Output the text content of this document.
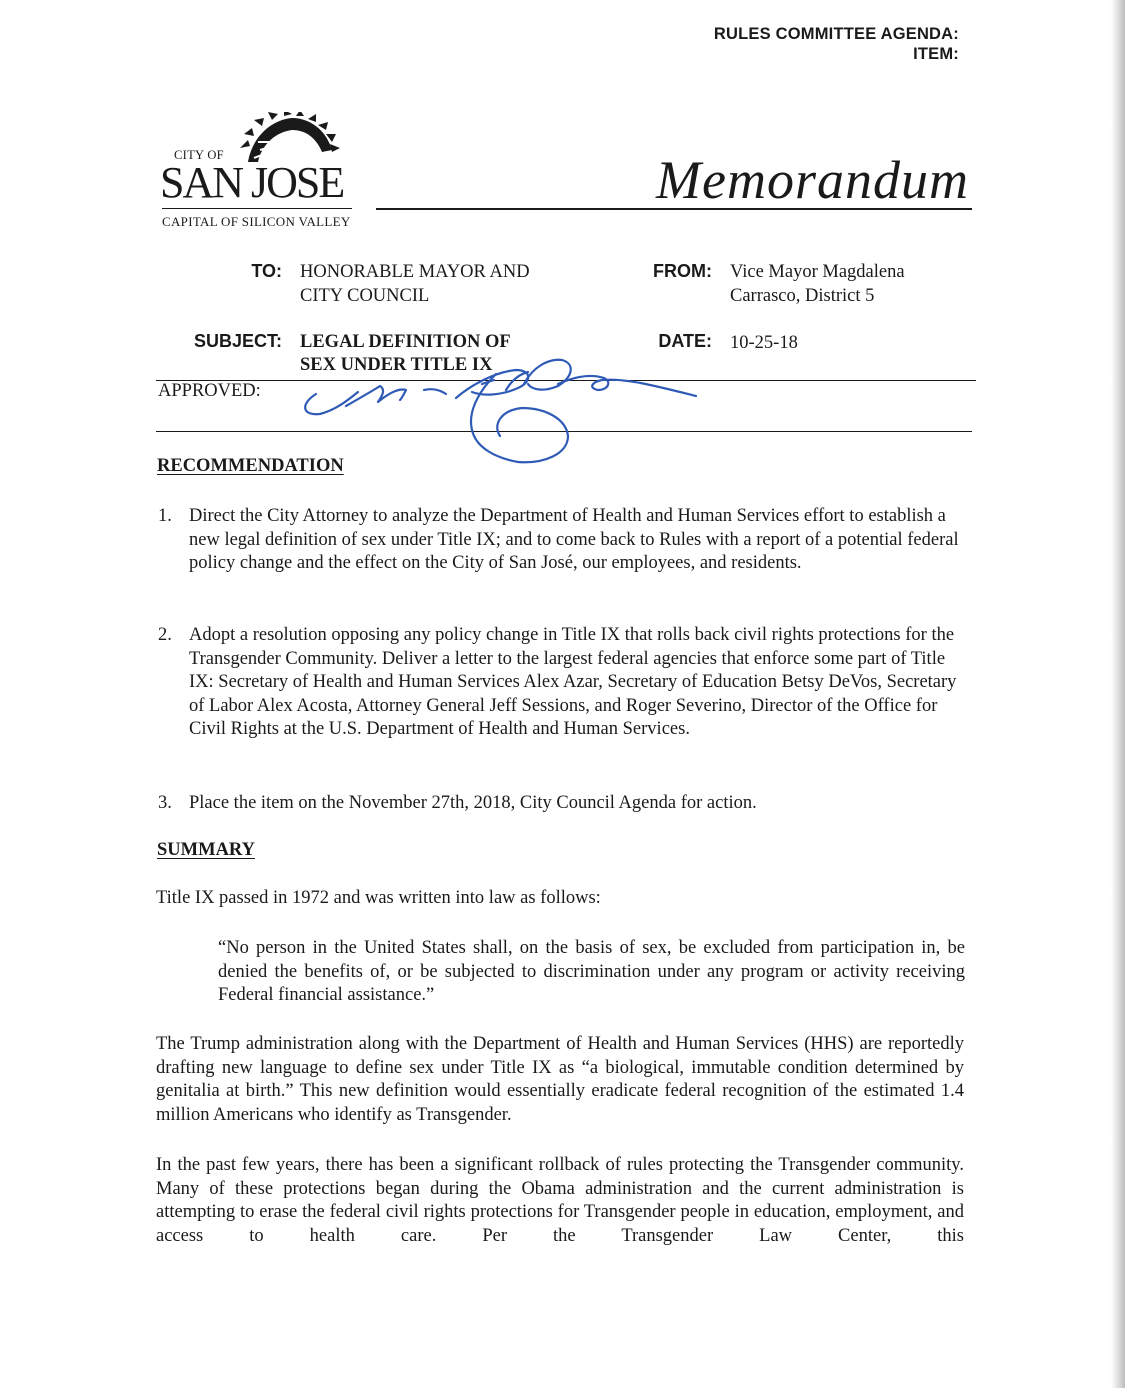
RULES COMMITTEE AGENDA:
ITEM:
CITY OF
SAN JOSE
CAPITAL OF SILICON VALLEY
Memorandum
TO: HONORABLE MAYOR AND
CITY COUNCIL
FROM: Vice Mayor Magdalena
Carrasco, District 5
SUBJECT: LEGAL DEFINITION OF
SEX UNDER TITLE IX
DATE: 10-25-18
APPROVED:
RECOMMENDATION
1. Direct the City Attorney to analyze the Department of Health and Human Services effort to establish a new legal definition of sex under Title IX; and to come back to Rules with a report of a potential federal policy change and the effect on the City of San José, our employees, and residents.
2. Adopt a resolution opposing any policy change in Title IX that rolls back civil rights protections for the Transgender Community. Deliver a letter to the largest federal agencies that enforce some part of Title IX: Secretary of Health and Human Services Alex Azar, Secretary of Education Betsy DeVos, Secretary of Labor Alex Acosta, Attorney General Jeff Sessions, and Roger Severino, Director of the Office for Civil Rights at the U.S. Department of Health and Human Services.
3. Place the item on the November 27th, 2018, City Council Agenda for action.
SUMMARY
Title IX passed in 1972 and was written into law as follows:
“No person in the United States shall, on the basis of sex, be excluded from participation in, be denied the benefits of, or be subjected to discrimination under any program or activity receiving Federal financial assistance.”
The Trump administration along with the Department of Health and Human Services (HHS) are reportedly drafting new language to define sex under Title IX as “a biological, immutable condition determined by genitalia at birth.” This new definition would essentially eradicate federal recognition of the estimated 1.4 million Americans who identify as Transgender.
In the past few years, there has been a significant rollback of rules protecting the Transgender community. Many of these protections began during the Obama administration and the current administration is attempting to erase the federal civil rights protections for Transgender people in education, employment, and access to health care. Per the Transgender Law Center, this
